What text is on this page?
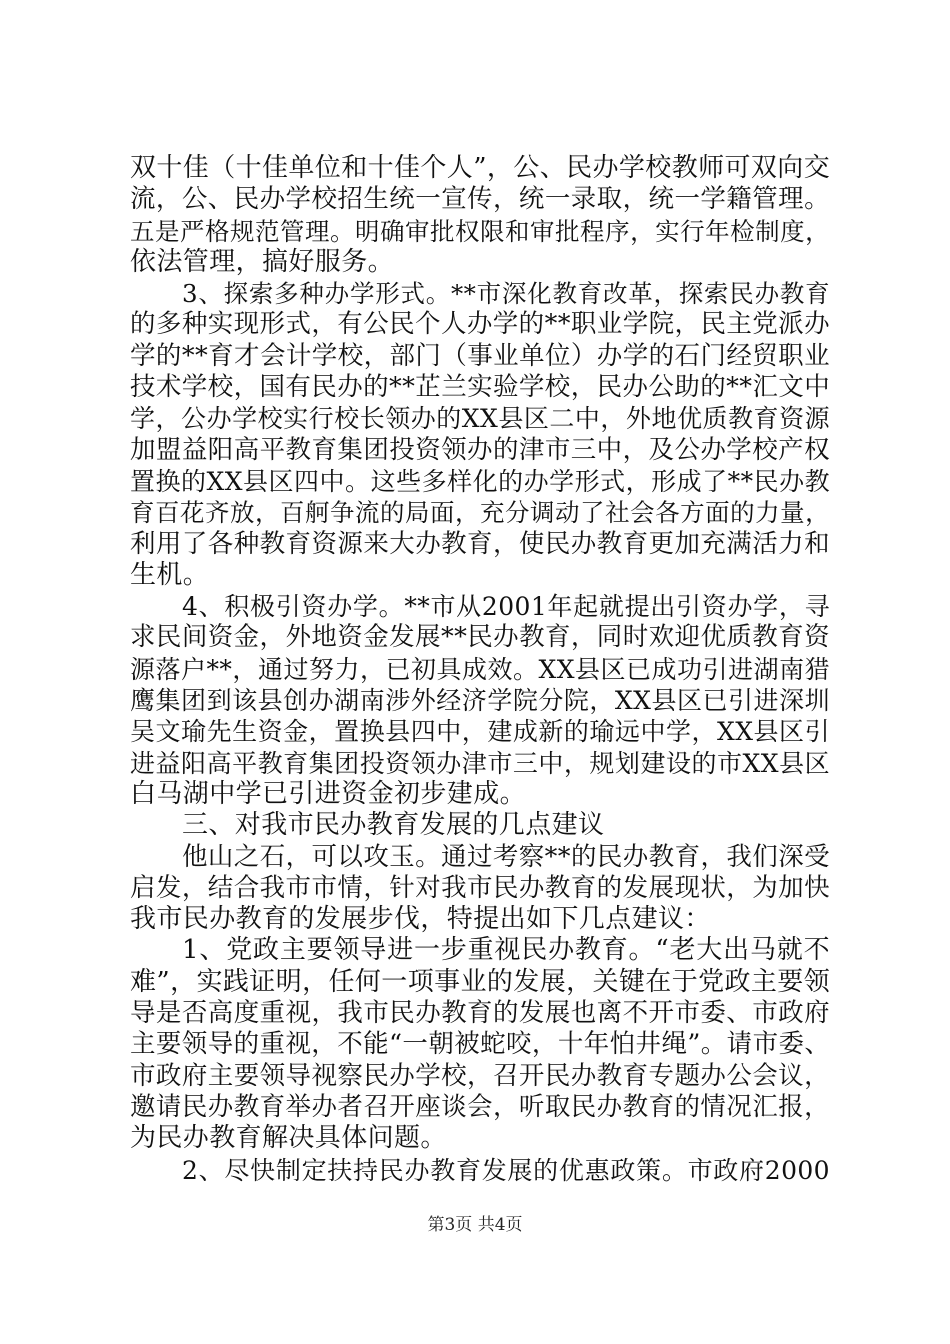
双十佳（十佳单位和十佳个人”，公、民办学校教师可双向交
流，公、民办学校招生统一宣传，统一录取，统一学籍管理。
五是严格规范管理。明确审批权限和审批程序，实行年检制度，
依法管理，搞好服务。
3、探索多种办学形式。**市深化教育改革，探索民办教育
的多种实现形式，有公民个人办学的**职业学院，民主党派办
学的**育才会计学校，部门（事业单位）办学的石门经贸职业
技术学校，国有民办的**芷兰实验学校，民办公助的**汇文中
学，公办学校实行校长领办的XX县区二中，外地优质教育资源
加盟益阳高平教育集团投资领办的津市三中，及公办学校产权
置换的XX县区四中。这些多样化的办学形式，形成了**民办教
育百花齐放，百舸争流的局面，充分调动了社会各方面的力量，
利用了各种教育资源来大办教育，使民办教育更加充满活力和
生机。
4、积极引资办学。**市从2001年起就提出引资办学，寻
求民间资金，外地资金发展**民办教育，同时欢迎优质教育资
源落户**，通过努力，已初具成效。XX县区已成功引进湖南猎
鹰集团到该县创办湖南涉外经济学院分院，XX县区已引进深圳
吴文瑜先生资金，置换县四中，建成新的瑜远中学，XX县区引
进益阳高平教育集团投资领办津市三中，规划建设的市XX县区
白马湖中学已引进资金初步建成。
三、对我市民办教育发展的几点建议
他山之石，可以攻玉。通过考察**的民办教育，我们深受
启发，结合我市市情，针对我市民办教育的发展现状，为加快
我市民办教育的发展步伐，特提出如下几点建议：
1、党政主要领导进一步重视民办教育。“老大出马就不
难”，实践证明，任何一项事业的发展，关键在于党政主要领
导是否高度重视，我市民办教育的发展也离不开市委、市政府
主要领导的重视，不能“一朝被蛇咬，十年怕井绳”。请市委、
市政府主要领导视察民办学校，召开民办教育专题办公会议，
邀请民办教育举办者召开座谈会，听取民办教育的情况汇报，
为民办教育解决具体问题。
2、尽快制定扶持民办教育发展的优惠政策。市政府2000
第3页 共4页
